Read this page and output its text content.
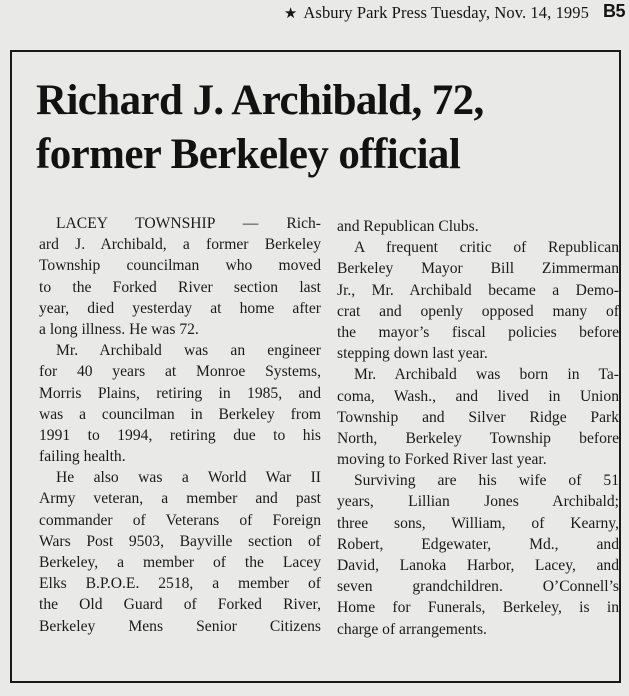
★ Asbury Park Press Tuesday, Nov. 14, 1995 B5
Richard J. Archibald, 72,
former Berkeley official
LACEY TOWNSHIP — Rich-
ard J. Archibald, a former Berkeley
Township councilman who moved
to the Forked River section last
year, died yesterday at home after
a long illness. He was 72.
Mr. Archibald was an engineer
for 40 years at Monroe Systems,
Morris Plains, retiring in 1985, and
was a councilman in Berkeley from
1991 to 1994, retiring due to his
failing health.
He also was a World War II
Army veteran, a member and past
commander of Veterans of Foreign
Wars Post 9503, Bayville section of
Berkeley, a member of the Lacey
Elks B.P.O.E. 2518, a member of
the Old Guard of Forked River,
Berkeley Mens Senior Citizens
and Republican Clubs.
A frequent critic of Republican
Berkeley Mayor Bill Zimmerman
Jr., Mr. Archibald became a Demo-
crat and openly opposed many of
the mayor’s fiscal policies before
stepping down last year.
Mr. Archibald was born in Ta-
coma, Wash., and lived in Union
Township and Silver Ridge Park
North, Berkeley Township before
moving to Forked River last year.
Surviving are his wife of 51
years, Lillian Jones Archibald;
three sons, William, of Kearny,
Robert, Edgewater, Md., and
David, Lanoka Harbor, Lacey, and
seven grandchildren. O’Connell’s
Home for Funerals, Berkeley, is in
charge of arrangements.
